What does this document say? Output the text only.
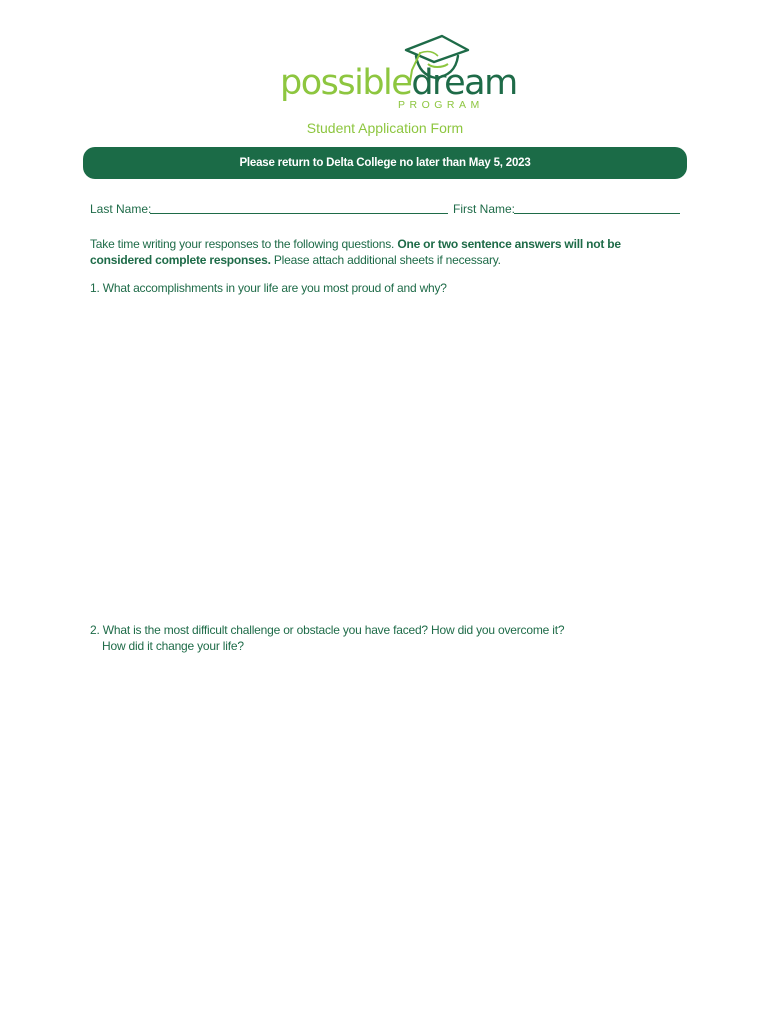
possibledream
PROGRAM
Student Application Form
Please return to Delta College no later than May 5, 2023
Last Name:	First Name:
Take time writing your responses to the following questions. One or two sentence answers will not be considered complete responses. Please attach additional sheets if necessary.
1. What accomplishments in your life are you most proud of and why?
2. What is the most difficult challenge or obstacle you have faced? How did you overcome it?
How did it change your life?
